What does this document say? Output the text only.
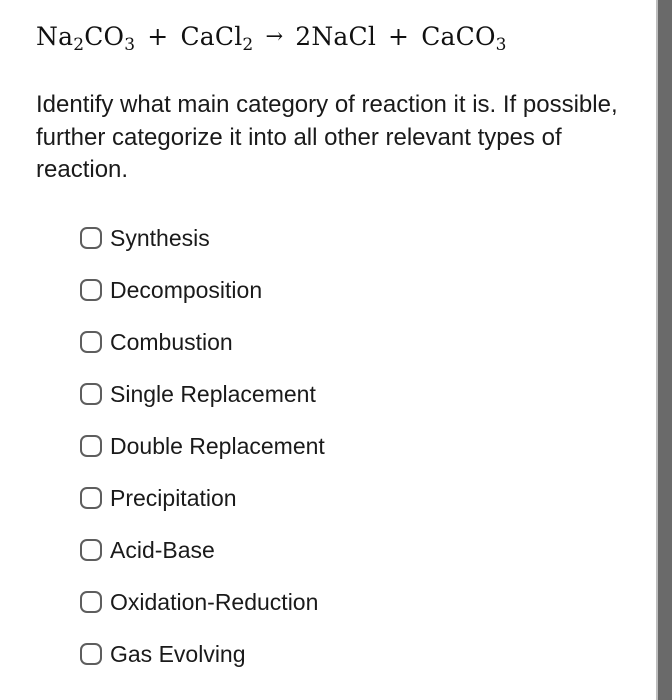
$Na_2CO_3$ + CaCl$_2$ → 2NaCl + CaCO$_3$
Identify what main category of reaction it is. If possible, further categorize it into all other relevant types of reaction.
Synthesis
Decomposition
Combustion
Single Replacement
Double Replacement
Precipitation
Acid-Base
Oxidation-Reduction
Gas Evolving
